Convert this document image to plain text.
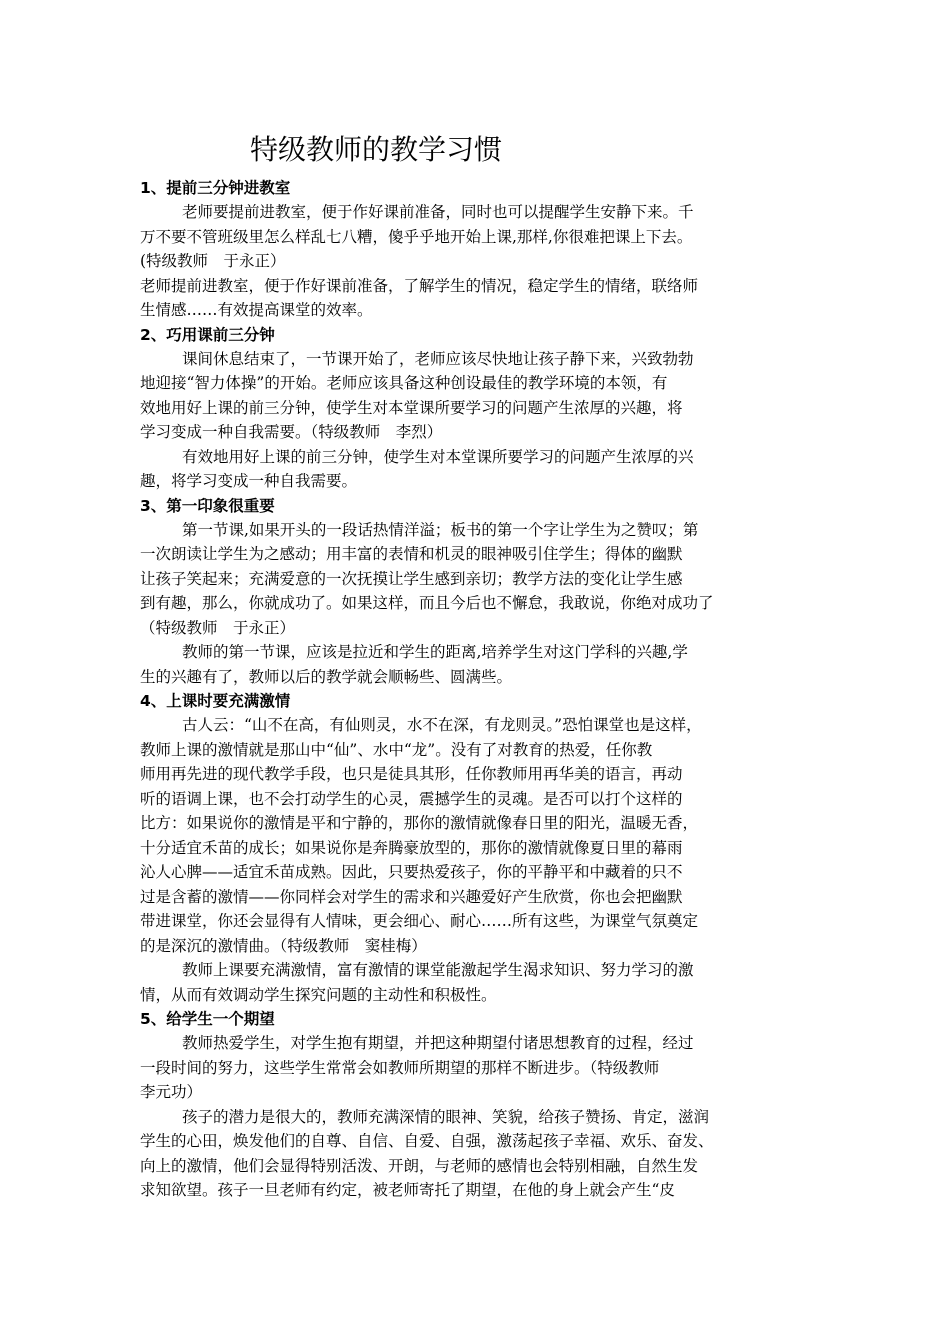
特级教师的教学习惯
1、提前三分钟进教室
老师要提前进教室，便于作好课前准备，同时也可以提醒学生安静下来。千
万不要不管班级里怎么样乱七八糟，傻乎乎地开始上课,那样,你很难把课上下去。
(特级教师　于永正）
老师提前进教室，便于作好课前准备，了解学生的情况，稳定学生的情绪，联络师
生情感……有效提高课堂的效率。
2、巧用课前三分钟
课间休息结束了，一节课开始了，老师应该尽快地让孩子静下来，兴致勃勃
地迎接“智力体操”的开始。老师应该具备这种创设最佳的教学环境的本领，有
效地用好上课的前三分钟，使学生对本堂课所要学习的问题产生浓厚的兴趣，将
学习变成一种自我需要。（特级教师　李烈）
有效地用好上课的前三分钟，使学生对本堂课所要学习的问题产生浓厚的兴
趣，将学习变成一种自我需要。
3、第一印象很重要
第一节课,如果开头的一段话热情洋溢；板书的第一个字让学生为之赞叹；第
一次朗读让学生为之感动；用丰富的表情和机灵的眼神吸引住学生；得体的幽默
让孩子笑起来；充满爱意的一次抚摸让学生感到亲切；教学方法的变化让学生感
到有趣，那么，你就成功了。如果这样，而且今后也不懈怠，我敢说，你绝对成功了
（特级教师　于永正）
教师的第一节课，应该是拉近和学生的距离,培养学生对这门学科的兴趣,学
生的兴趣有了，教师以后的教学就会顺畅些、圆满些。
4、上课时要充满激情
古人云：“山不在高，有仙则灵，水不在深，有龙则灵。”恐怕课堂也是这样，
教师上课的激情就是那山中“仙”、水中“龙”。没有了对教育的热爱，任你教
师用再先进的现代教学手段，也只是徒具其形，任你教师用再华美的语言，再动
听的语调上课，也不会打动学生的心灵，震撼学生的灵魂。是否可以打个这样的
比方：如果说你的激情是平和宁静的，那你的激情就像春日里的阳光，温暖无香，
十分适宜禾苗的成长；如果说你是奔腾豪放型的，那你的激情就像夏日里的幕雨
沁人心脾——适宜禾苗成熟。因此，只要热爱孩子，你的平静平和中藏着的只不
过是含蓄的激情——你同样会对学生的需求和兴趣爱好产生欣赏，你也会把幽默
带进课堂，你还会显得有人情味，更会细心、耐心……所有这些，为课堂气氛奠定
的是深沉的激情曲。（特级教师　窦桂梅）
教师上课要充满激情，富有激情的课堂能激起学生渴求知识、努力学习的激
情，从而有效调动学生探究问题的主动性和积极性。
5、给学生一个期望
教师热爱学生，对学生抱有期望，并把这种期望付诸思想教育的过程，经过
一段时间的努力，这些学生常常会如教师所期望的那样不断进步。（特级教师
李元功）
孩子的潜力是很大的，教师充满深情的眼神、笑貌，给孩子赞扬、肯定，滋润
学生的心田，焕发他们的自尊、自信、自爱、自强，激荡起孩子幸福、欢乐、奋发、
向上的激情，他们会显得特别活泼、开朗，与老师的感情也会特别相融，自然生发
求知欲望。孩子一旦老师有约定，被老师寄托了期望，在他的身上就会产生“皮
